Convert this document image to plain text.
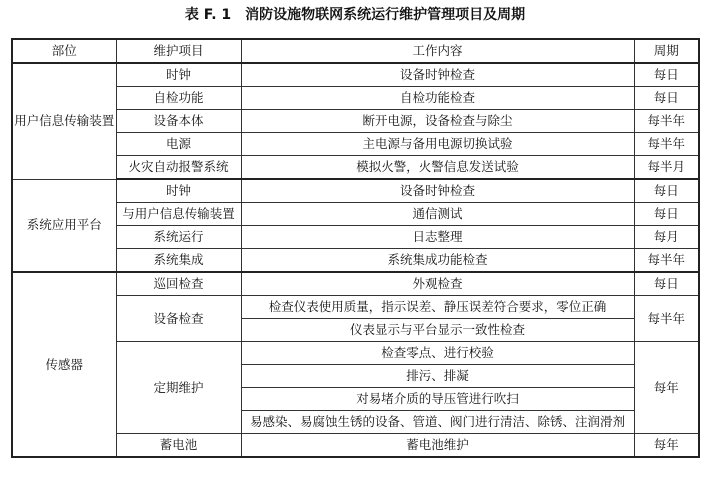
表 F. 1 消防设施物联网系统运行维护管理项目及周期
部位	维护项目	工作内容	周期
用户信息传输装置	时钟	设备时钟检查	每日
	自检功能	自检功能检查	每日
	设备本体	断开电源，设备检查与除尘	每半年
	电源	主电源与备用电源切换试验	每半年
	火灾自动报警系统	模拟火警，火警信息发送试验	每半月
系统应用平台	时钟	设备时钟检查	每日
	与用户信息传输装置	通信测试	每日
	系统运行	日志整理	每月
	系统集成	系统集成功能检查	每半年
传感器	巡回检查	外观检查	每日
	设备检查	检查仪表使用质量，指示误差、静压误差符合要求，零位正确	每半年
		仪表显示与平台显示一致性检查	
	定期维护	检查零点、进行校验	每年
		排污、排凝	
		对易堵介质的导压管进行吹扫	
		易感染、易腐蚀生锈的设备、管道、阀门进行清洁、除锈、注润滑剂	
	蓄电池	蓄电池维护	每年
